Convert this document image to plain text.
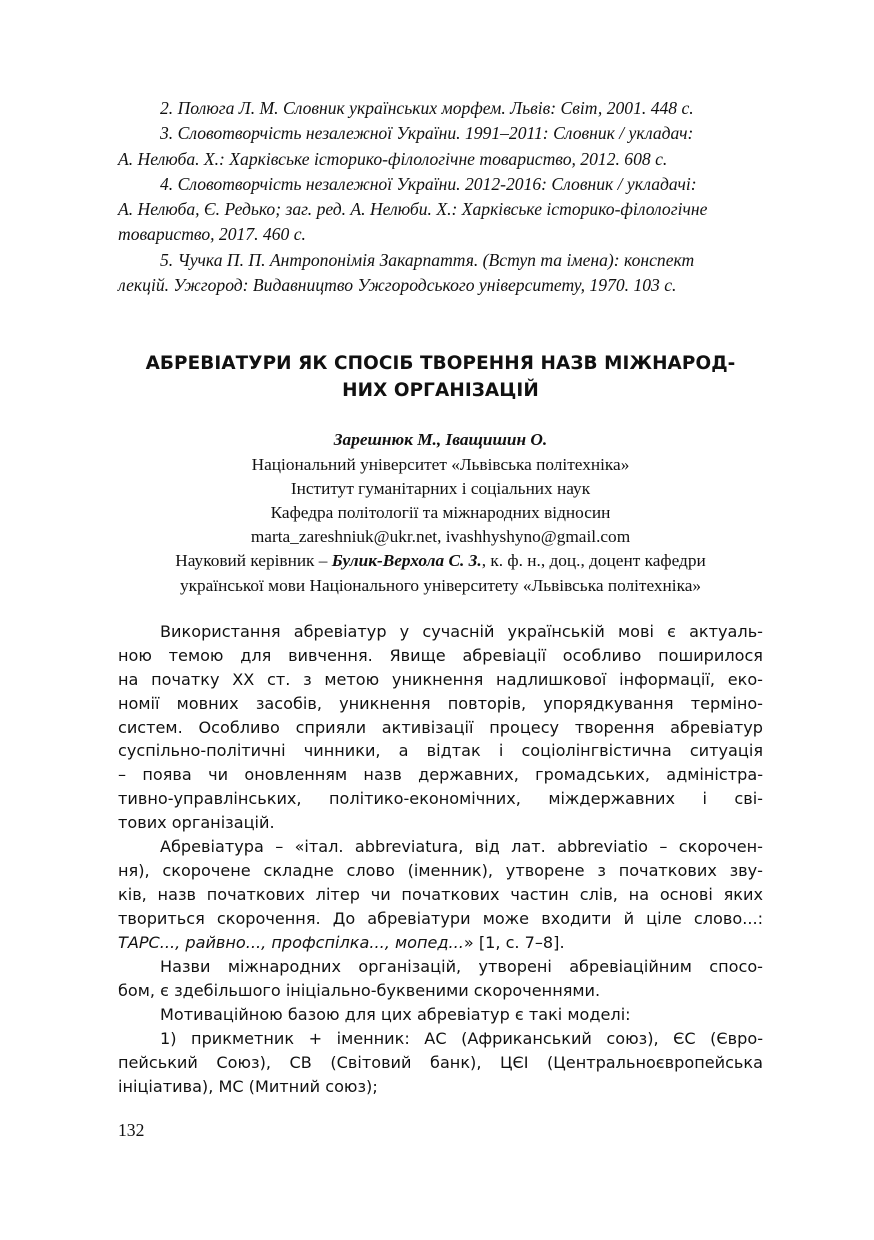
2. Полюга Л. М. Словник українських морфем. Львів: Світ, 2001. 448 с.

3. Словотворчість незалежної України. 1991–2011: Словник / укладач:
А. Нелюба. Х.: Харківське історико-філологічне товариство, 2012. 608 с.

4. Словотворчість незалежної України. 2012-2016: Словник / укладачі:
А. Нелюба, Є. Редько; заг. ред. А. Нелюби. Х.: Харківське історико-філологічне
товариство, 2017. 460 с.

5. Чучка П. П. Антропонімія Закарпаття. (Вступ та імена): конспект
лекцій. Ужгород: Видавництво Ужгородського університету, 1970. 103 с.

АБРЕВІАТУРИ ЯК СПОСІБ ТВОРЕННЯ НАЗВ МІЖНАРОД-
НИХ ОРГАНІЗАЦІЙ
Зарешнюк М., Іващишин О.
Національний університет «Львівська політехніка»
Інститут гуманітарних і соціальних наук
Кафедра політології та міжнародних відносин
marta_zareshniuk@ukr.net, ivashhyshyno@gmail.com
Науковий керівник – Булик-Верхола С. З., к. ф. н., доц., доцент кафедри
української мови Національного університету «Львівська політехніка»
Використання абревіатур у сучасній українській мові є актуаль-
ною темою для вивчення. Явище абревіації особливо поширилося
на початку ХХ ст. з метою уникнення надлишкової інформації, еко-
номії мовних засобів, уникнення повторів, упорядкування терміно-
систем. Особливо сприяли активізації процесу творення абревіатур
суспільно-політичні чинники, а відтак і соціолінгвістична ситуація
– поява чи оновленням назв державних, громадських, адміністра-
тивно-управлінських, політико-економічних, міждержавних і сві-
тових організацій.
Абревіатура – «італ. abbreviatura, від лат. abbreviatio – скорочен-
ня), скорочене складне слово (іменник), утворене з початкових зву-
ків, назв початкових літер чи початкових частин слів, на основі яких
твориться скорочення. До абревіатури може входити й ціле слово...:
ТАРС..., райвно..., профспілка..., мопед...» [1, с. 7–8].
Назви міжнародних організацій, утворені абревіаційним спосо-
бом, є здебільшого ініціально-буквеними скороченнями.
Мотиваційною базою для цих абревіатур є такі моделі:
1) прикметник + іменник: АС (Африканський союз), ЄС (Євро-
пейський Союз), СВ (Світовий банк), ЦЄІ (Центральноєвропейська
ініціатива), МС (Митний союз);
132
